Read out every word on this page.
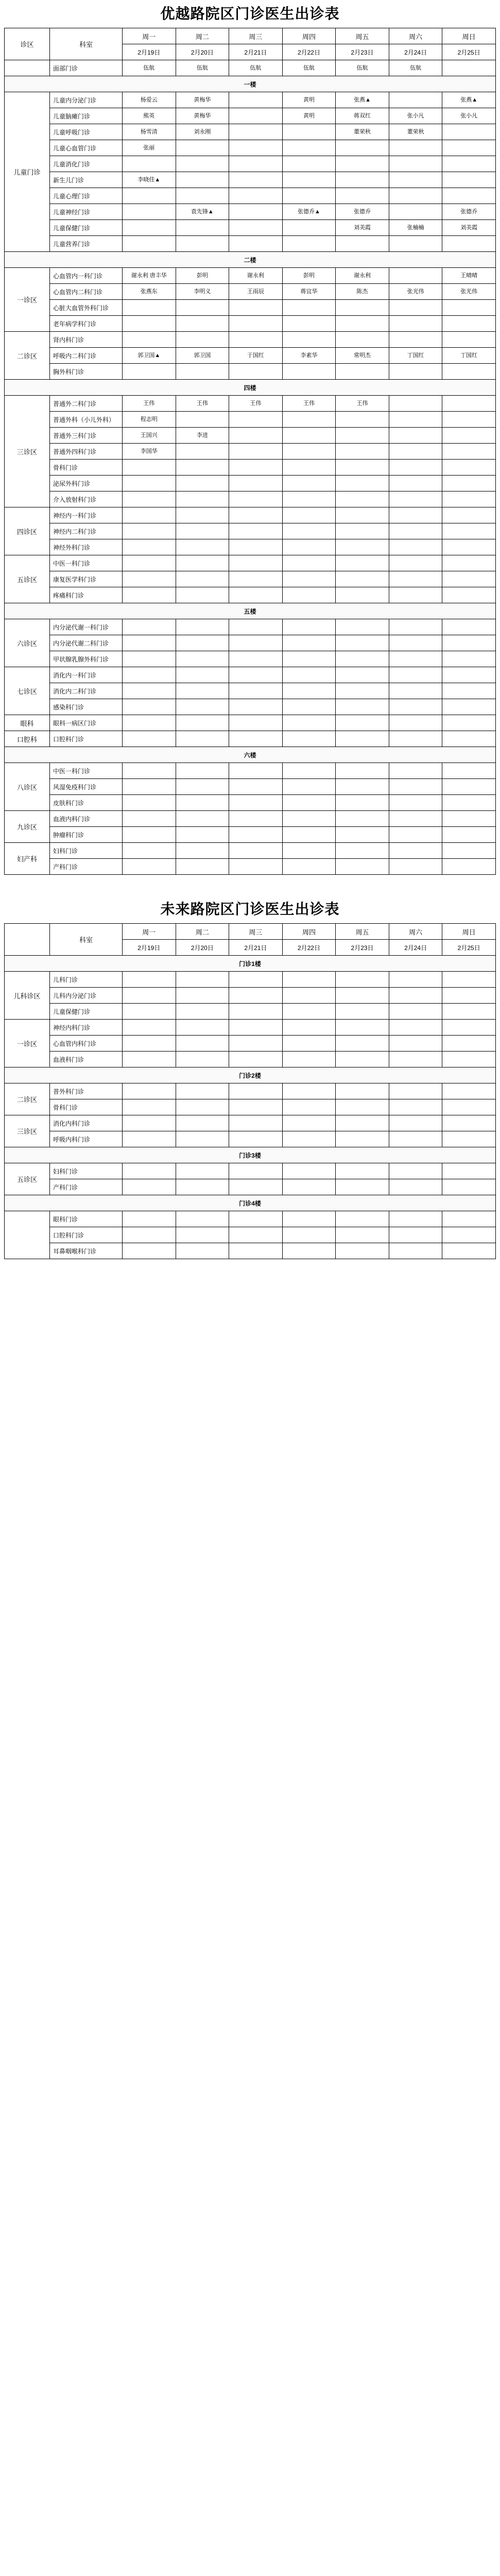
优越路院区门诊医生出诊表
诊区	科室	周一	周二	周三	周四	周五	周六	周日
		2月19日	2月20日	2月21日	2月22日	2月23日	2月24日	2月25日
	面部门诊	伍航	伍航	伍航	伍航	伍航	伍航	
一楼								
儿童门诊	儿童内分泌门诊	杨爱云	黄梅华		黄明	张燕▲		张燕▲
	儿童脑瘫门诊	熊英	黄梅华		黄明	蒋双红	张小凡	张小凡
	儿童呼吸门诊	杨雪清	刘永刚			董荣秋	董荣秋	
	儿童心血管门诊	张丽						
	儿童消化门诊							
	新生儿门诊	李晓佳▲						
	儿童心理门诊							
	儿童神经门诊		袁先锋▲		张德乔▲	张德乔		张德乔
	儿童保健门诊					刘美霞	张楠楠	刘美霞
	儿童营养门诊							
二楼								
一诊区	心血管内一科门诊	谢永利 唐丰华	彭明	谢永利	彭明	谢永利		王晴晴
	心血管内二科门诊	张燕东	李明义	王雨辰	蒋宜华	陈杰	张光伟	张光伟
	心脏大血管外科门诊							
	老年病学科门诊							
二诊区	肾内科门诊							
	呼吸内二科门诊	郭卫国▲	郭卫国	于国红	李素华	常明杰	丁国红	丁国红
	胸外科门诊							
四楼								
三诊区	普通外二科门诊	王伟	王伟	王伟	王伟	王伟		
	普通外科（小儿外科）	程志明						
	普通外三科门诊	王国兴	李进					
	普通外四科门诊	李国华						
	骨科门诊							
	泌尿外科门诊							
	介入放射科门诊							
四诊区	神经内一科门诊							
	神经内二科门诊							
	神经外科门诊							
五诊区	中医一科门诊							
	康复医学科门诊							
	疼痛科门诊							
五楼								
六诊区	内分泌代谢一科门诊							
	内分泌代谢二科门诊							
	甲状腺乳腺外科门诊							
七诊区	消化内一科门诊							
	消化内二科门诊							
	感染科门诊							
眼科	眼科一病区门诊							
口腔科	口腔科门诊							
六楼								
八诊区	中医一科门诊							
	风湿免疫科门诊							
	皮肤科门诊							
九诊区	血液内科门诊							
	肿瘤科门诊							
妇产科	妇科门诊							
	产科门诊							
未来路院区门诊医生出诊表
	科室	周一	周二	周三	周四	周五	周六	周日
		2月19日	2月20日	2月21日	2月22日	2月23日	2月24日	2月25日
门诊1楼								
儿科诊区	儿科门诊							
	儿科内分泌门诊							
	儿童保健门诊							
一诊区	神经内科门诊							
	心血管内科门诊							
	血液科门诊							
门诊2楼								
二诊区	普外科门诊							
	骨科门诊							
三诊区	消化内科门诊							
	呼吸内科门诊							
门诊3楼								
五诊区	妇科门诊							
	产科门诊							
门诊4楼								
	眼科门诊							
	口腔科门诊							
	耳鼻咽喉科门诊							
